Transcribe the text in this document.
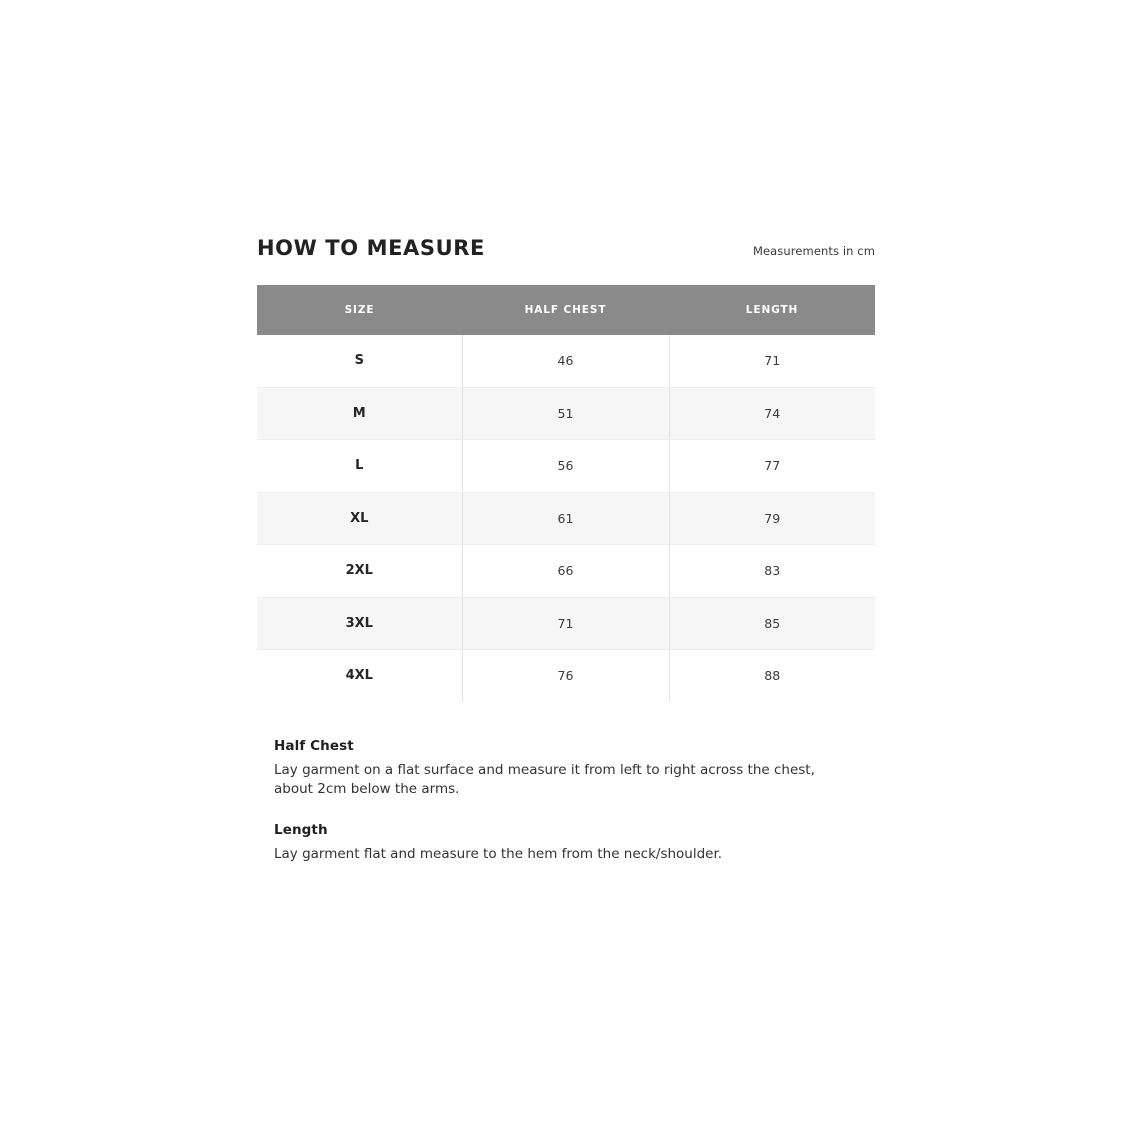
HOW TO MEASURE	Measurements in cm
SIZE	HALF CHEST	LENGTH
S	46	71
M	51	74
L	56	77
XL	61	79
2XL	66	83
3XL	71	85
4XL	76	88

Half Chest

Lay garment on a flat surface and measure it from left to right across the chest, about 2cm below the arms.

Length

Lay garment flat and measure to the hem from the neck/shoulder.
